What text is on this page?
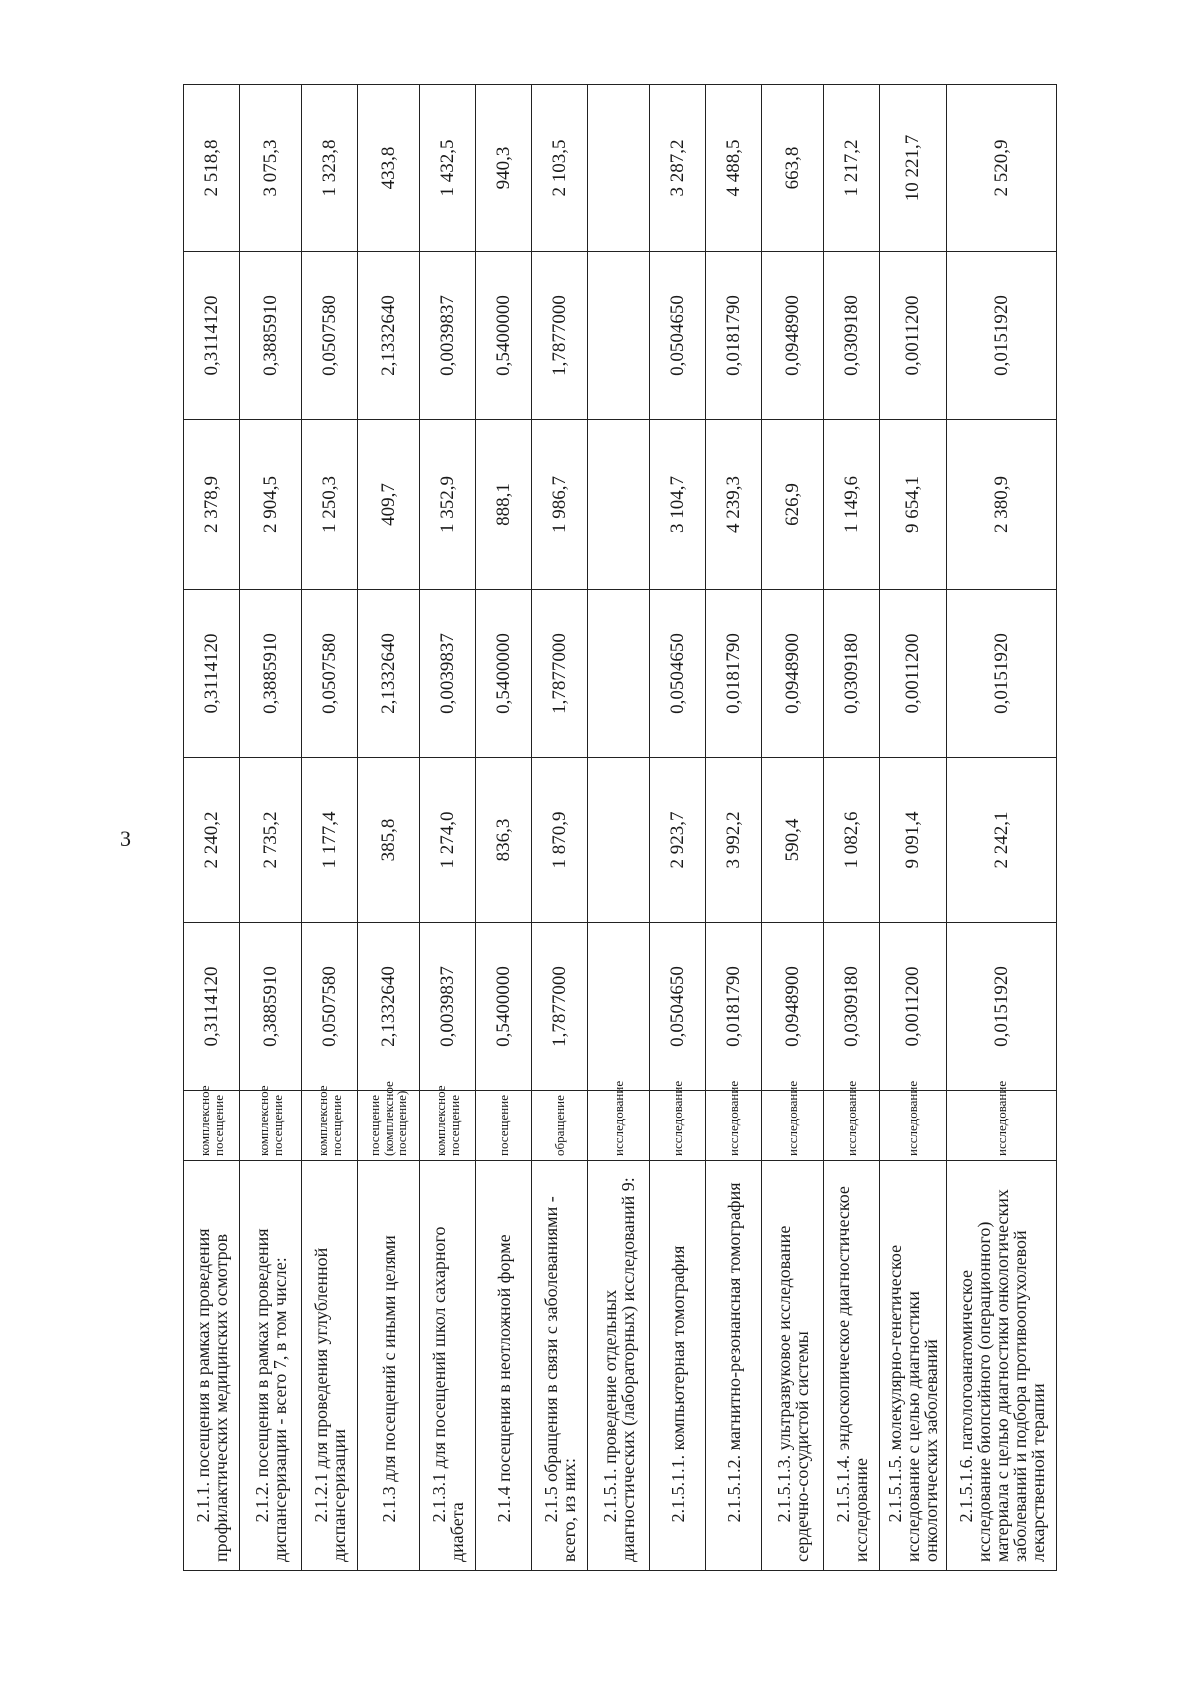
3
2.1.1. посещения в рамках проведения профилактических медицинских осмотров	комплексное посещение	0,3114120	2 240,2	0,3114120	2 378,9	0,3114120	2 518,8
2.1.2. посещения в рамках проведения диспансеризации - всего 7, в том числе:	комплексное посещение	0,3885910	2 735,2	0,3885910	2 904,5	0,3885910	3 075,3
2.1.2.1 для проведения углубленной диспансеризации	комплексное посещение	0,0507580	1 177,4	0,0507580	1 250,3	0,0507580	1 323,8
2.1.3 для посещений с иными целями	посещение (комплексное посещение)	2,1332640	385,8	2,1332640	409,7	2,1332640	433,8
2.1.3.1 для посещений школ сахарного диабета	комплексное посещение	0,0039837	1 274,0	0,0039837	1 352,9	0,0039837	1 432,5
2.1.4 посещения в неотложной форме	посещение	0,5400000	836,3	0,5400000	888,1	0,5400000	940,3
2.1.5 обращения в связи с заболеваниями - всего, из них:	обращение	1,7877000	1 870,9	1,7877000	1 986,7	1,7877000	2 103,5
2.1.5.1. проведение отдельных диагностических (лабораторных) исследований 9:	исследование						
2.1.5.1.1. компьютерная томография	исследование	0,0504650	2 923,7	0,0504650	3 104,7	0,0504650	3 287,2
2.1.5.1.2. магнитно-резонансная томография	исследование	0,0181790	3 992,2	0,0181790	4 239,3	0,0181790	4 488,5
2.1.5.1.3. ультразвуковое исследование сердечно-сосудистой системы	исследование	0,0948900	590,4	0,0948900	626,9	0,0948900	663,8
2.1.5.1.4. эндоскопическое диагностическое исследование	исследование	0,0309180	1 082,6	0,0309180	1 149,6	0,0309180	1 217,2
2.1.5.1.5. молекулярно-генетическое исследование с целью диагностики онкологических заболеваний	исследование	0,0011200	9 091,4	0,0011200	9 654,1	0,0011200	10 221,7
2.1.5.1.6. патологоанатомическое исследование биопсийного (операционного) материала с целью диагностики онкологических заболеваний и подбора противоопухолевой лекарственной терапии	исследование	0,0151920	2 242,1	0,0151920	2 380,9	0,0151920	2 520,9
